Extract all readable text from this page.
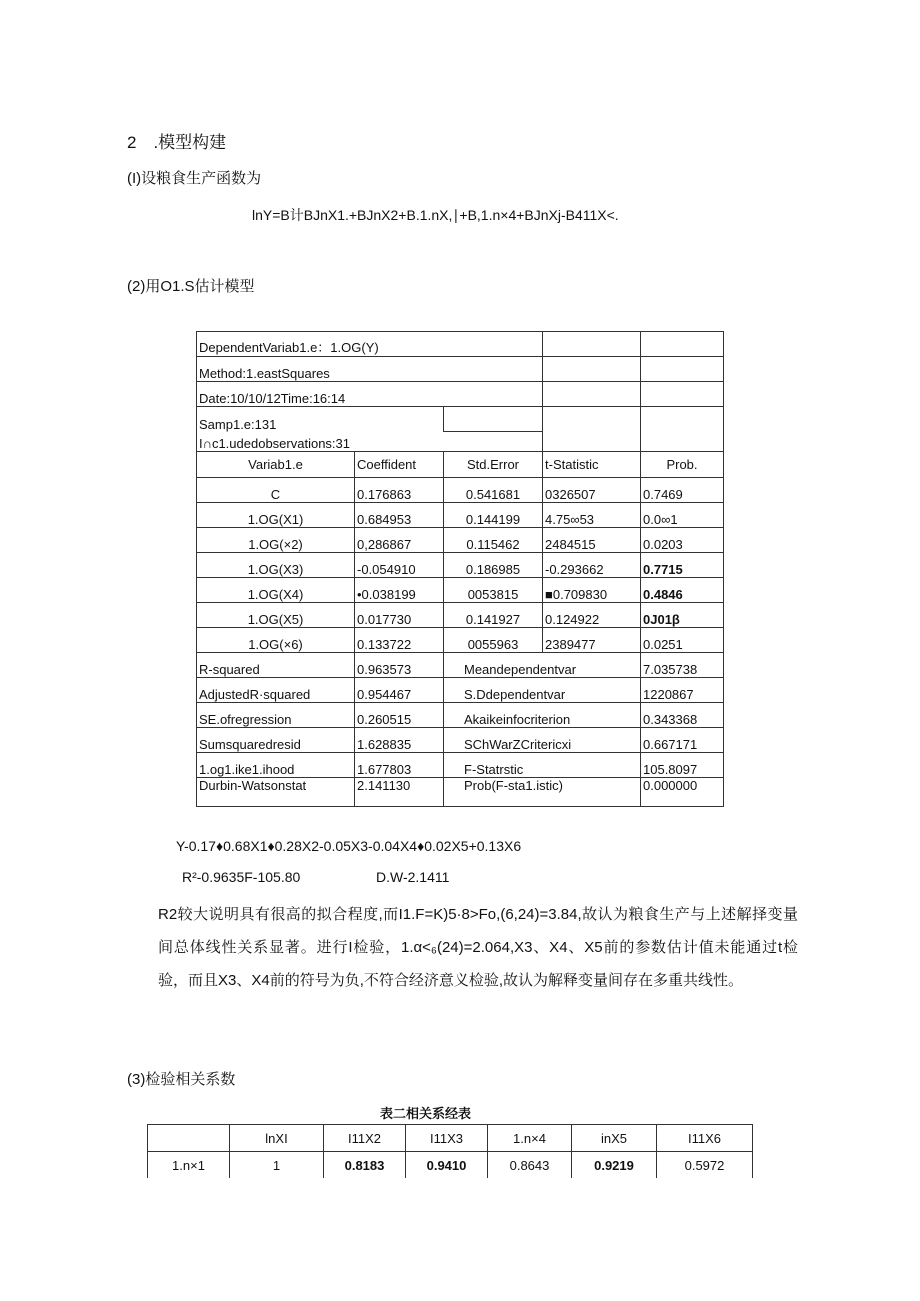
2　.模型构建
(I)设粮食生产函数为
lnY=B计BJnX1.+BJnX2+B.1.nX,∣+B,1.n×4+BJnXj-B411X<.
(2)用O1.S估计模型
DependentVariab1.e：1.OG(Y)				
Method:1.eastSquares				
Date:10/10/12Time:16:14				
Samp1.e:131				
I∩c1.udedobservations:31				
Variab1.e	Coeffident	Std.Error	t-Statistic	Prob.
C	0.176863	0.541681	0326507	0.7469
1.OG(X1)	0.684953	0.144199	4.75∞53	0.0∞1
1.OG(×2)	0,286867	0.115462	2484515	0.0203
1.OG(X3)	-0.054910	0.186985	-0.293662	0.7715
1.OG(X4)	•0.038199	0053815	■0.709830	0.4846
1.OG(X5)	0.017730	0.141927	0.124922	0J01β
1.OG(×6)	0.133722	0055963	2389477	0.0251
R-squared	0.963573	Meandependentvar		7.035738
AdjustedR·squared	0.954467	S.Ddependentvar		1220867
SE.ofregression	0.260515	Akaikeinfocriterion		0.343368
Sumsquaredresid	1.628835	SChWarZCritericxi		0.667171
1.og1.ike1.ihood	1.677803	F-Statrstic		105.8097
Durbin-Watsonstat	2.141130	Prob(F-sta1.istic)		0.000000
Y-0.17♦0.68X1♦0.28X2-0.05X3-0.04X4♦0.02X5+0.13X6
R²-0.9635F-105.80	D.W-2.1411
R2较大说明具有很高的拟合程度,而I1.F=K)5·8>Fo,(6,24)=3.84,故认为粮食生产与上述解择变量间总体线性关系显著。进行I检验，1.α<₆(24)=2.064,X3、X4、X5前的参数估计值未能通过t检验，而且X3、X4前的符号为负,不符合经济意义检验,故认为解释变量间存在多重共线性。
(3)检验相关系数
表二相关系经表
	lnXI	I11X2	I11X3	1.n×4	inX5	I11X6
1.n×1	1	0.8183	0.9410	0.8643	0.9219	0.5972
